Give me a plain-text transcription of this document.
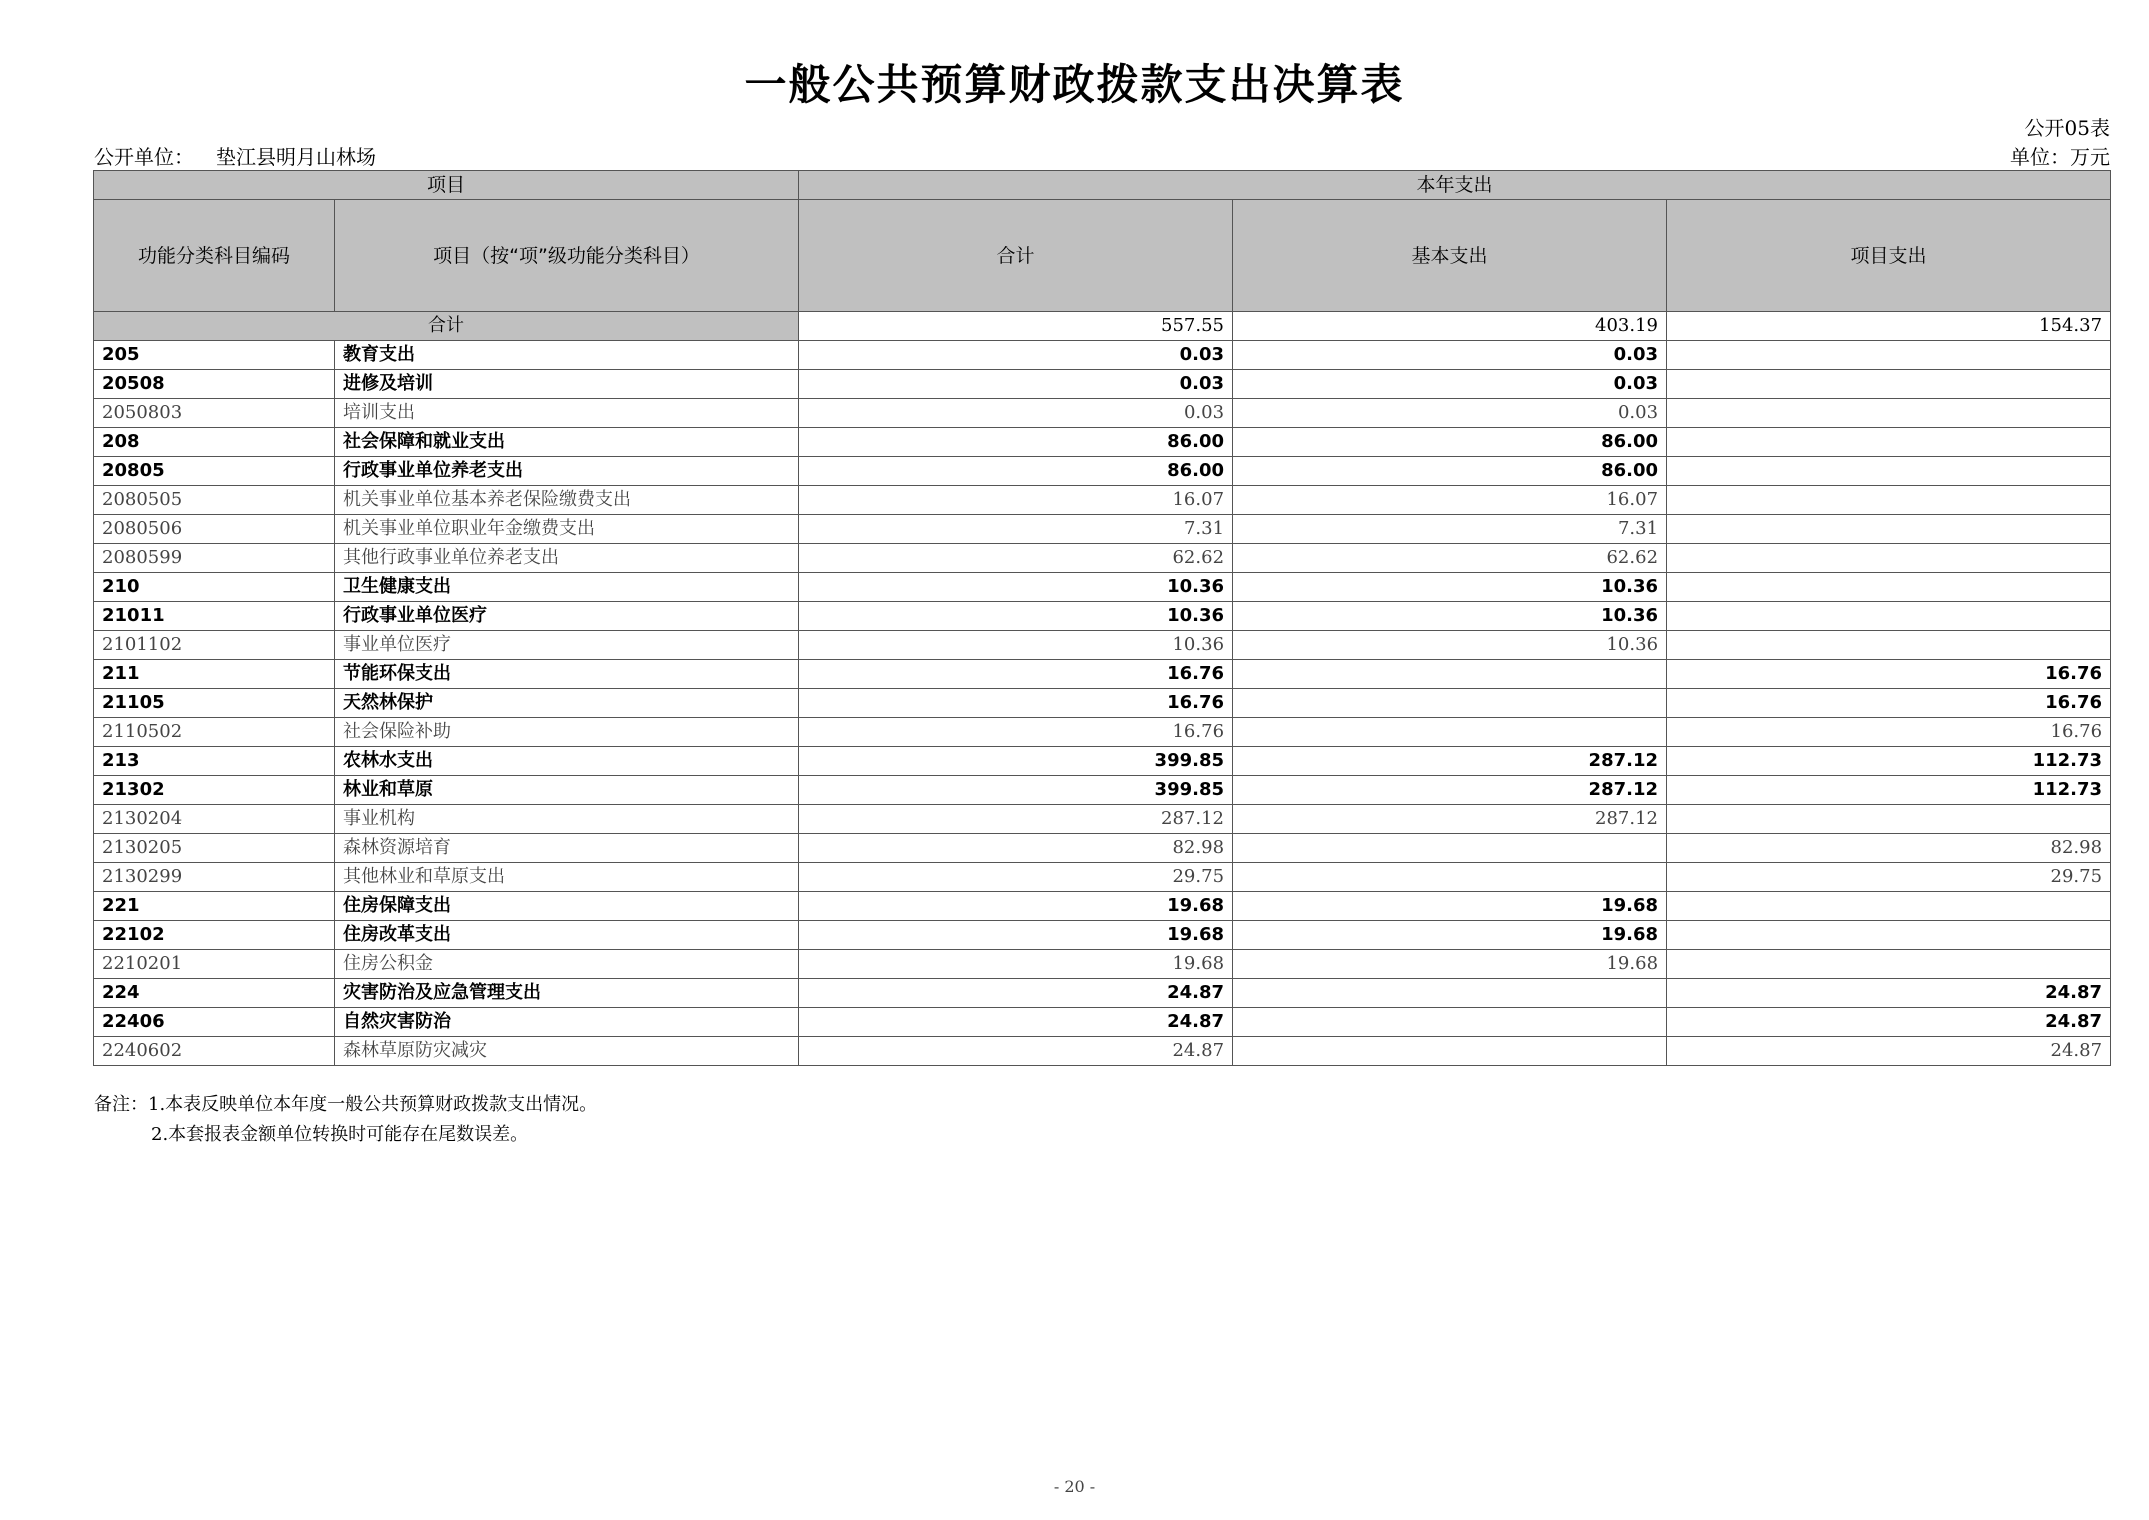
一般公共预算财政拨款支出决算表
公开05表
公开单位： 垫江县明月山林场	单位：万元
项目		本年支出		
功能分类科目编码	项目（按“项”级功能分类科目）	合计	基本支出	项目支出
合计		557.55	403.19	154.37
205	教育支出	0.03	0.03	
20508	进修及培训	0.03	0.03	
2050803	培训支出	0.03	0.03	
208	社会保障和就业支出	86.00	86.00	
20805	行政事业单位养老支出	86.00	86.00	
2080505	机关事业单位基本养老保险缴费支出	16.07	16.07	
2080506	机关事业单位职业年金缴费支出	7.31	7.31	
2080599	其他行政事业单位养老支出	62.62	62.62	
210	卫生健康支出	10.36	10.36	
21011	行政事业单位医疗	10.36	10.36	
2101102	事业单位医疗	10.36	10.36	
211	节能环保支出	16.76		16.76
21105	天然林保护	16.76		16.76
2110502	社会保险补助	16.76		16.76
213	农林水支出	399.85	287.12	112.73
21302	林业和草原	399.85	287.12	112.73
2130204	事业机构	287.12	287.12	
2130205	森林资源培育	82.98		82.98
2130299	其他林业和草原支出	29.75		29.75
221	住房保障支出	19.68	19.68	
22102	住房改革支出	19.68	19.68	
2210201	住房公积金	19.68	19.68	
224	灾害防治及应急管理支出	24.87		24.87
22406	自然灾害防治	24.87		24.87
2240602	森林草原防灾减灾	24.87		24.87
备注：1.本表反映单位本年度一般公共预算财政拨款支出情况。
2.本套报表金额单位转换时可能存在尾数误差。
- 20 -
